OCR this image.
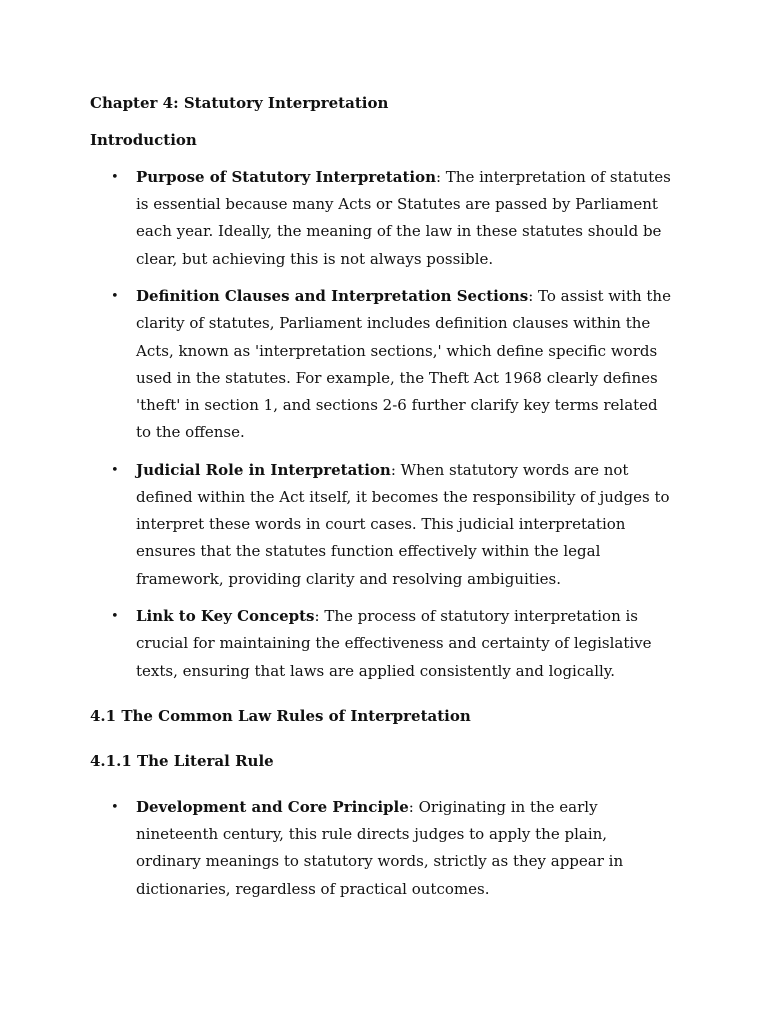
Chapter 4: Statutory Interpretation

Introduction

• Purpose of Statutory Interpretation: The interpretation of statutes is essential because many Acts or Statutes are passed by Parliament each year. Ideally, the meaning of the law in these statutes should be clear, but achieving this is not always possible.
• Definition Clauses and Interpretation Sections: To assist with the clarity of statutes, Parliament includes definition clauses within the Acts, known as 'interpretation sections,' which define specific words used in the statutes. For example, the Theft Act 1968 clearly defines 'theft' in section 1, and sections 2-6 further clarify key terms related to the offense.
• Judicial Role in Interpretation: When statutory words are not defined within the Act itself, it becomes the responsibility of judges to interpret these words in court cases. This judicial interpretation ensures that the statutes function effectively within the legal framework, providing clarity and resolving ambiguities.
• Link to Key Concepts: The process of statutory interpretation is crucial for maintaining the effectiveness and certainty of legislative texts, ensuring that laws are applied consistently and logically.

4.1 The Common Law Rules of Interpretation

4.1.1 The Literal Rule

• Development and Core Principle: Originating in the early nineteenth century, this rule directs judges to apply the plain, ordinary meanings to statutory words, strictly as they appear in dictionaries, regardless of practical outcomes.
